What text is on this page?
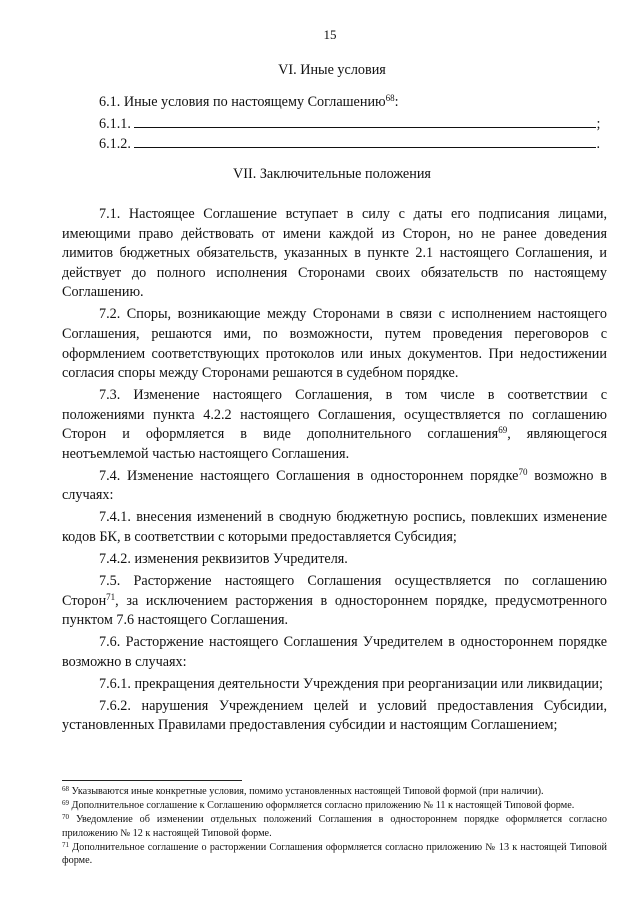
15
VI. Иные условия
6.1. Иные условия по настоящему Соглашению$^{68}$:
6.1.1.	;
6.1.2.	.
VII. Заключительные положения

7.1. Настоящее Соглашение вступает в силу с даты его подписания лицами, имеющими право действовать от имени каждой из Сторон, но не ранее доведения лимитов бюджетных обязательств, указанных в пункте 2.1 настоящего Соглашения, и действует до полного исполнения Сторонами своих обязательств по настоящему Соглашению.

7.2. Споры, возникающие между Сторонами в связи с исполнением настоящего Соглашения, решаются ими, по возможности, путем проведения переговоров с оформлением соответствующих протоколов или иных документов. При недостижении согласия споры между Сторонами решаются в судебном порядке.

7.3. Изменение настоящего Соглашения, в том числе в соответствии с положениями пункта 4.2.2 настоящего Соглашения, осуществляется по соглашению Сторон и оформляется в виде дополнительного соглашения$^{69}$, являющегося неотъемлемой частью настоящего Соглашения.

7.4. Изменение настоящего Соглашения в одностороннем порядке$^{70}$ возможно в случаях:

7.4.1. внесения изменений в сводную бюджетную роспись, повлекших изменение кодов БК, в соответствии с которыми предоставляется Субсидия;

7.4.2. изменения реквизитов Учредителя.

7.5. Расторжение настоящего Соглашения осуществляется по соглашению Сторон$^{71}$, за исключением расторжения в одностороннем порядке, предусмотренного пунктом 7.6 настоящего Соглашения.

7.6. Расторжение настоящего Соглашения Учредителем в одностороннем порядке возможно в случаях:

7.6.1. прекращения деятельности Учреждения при реорганизации или ликвидации;

7.6.2. нарушения Учреждением целей и условий предоставления Субсидии, установленных Правилами предоставления субсидии и настоящим Соглашением;

$^{68}$ Указываются иные конкретные условия, помимо установленных настоящей Типовой формой (при наличии).

$^{69}$ Дополнительное соглашение к Соглашению оформляется согласно приложению № 11 к настоящей Типовой форме.

$^{70}$ Уведомление об изменении отдельных положений Соглашения в одностороннем порядке оформляется согласно приложению № 12 к настоящей Типовой форме.

$^{71}$ Дополнительное соглашение о расторжении Соглашения оформляется согласно приложению № 13 к настоящей Типовой форме.
